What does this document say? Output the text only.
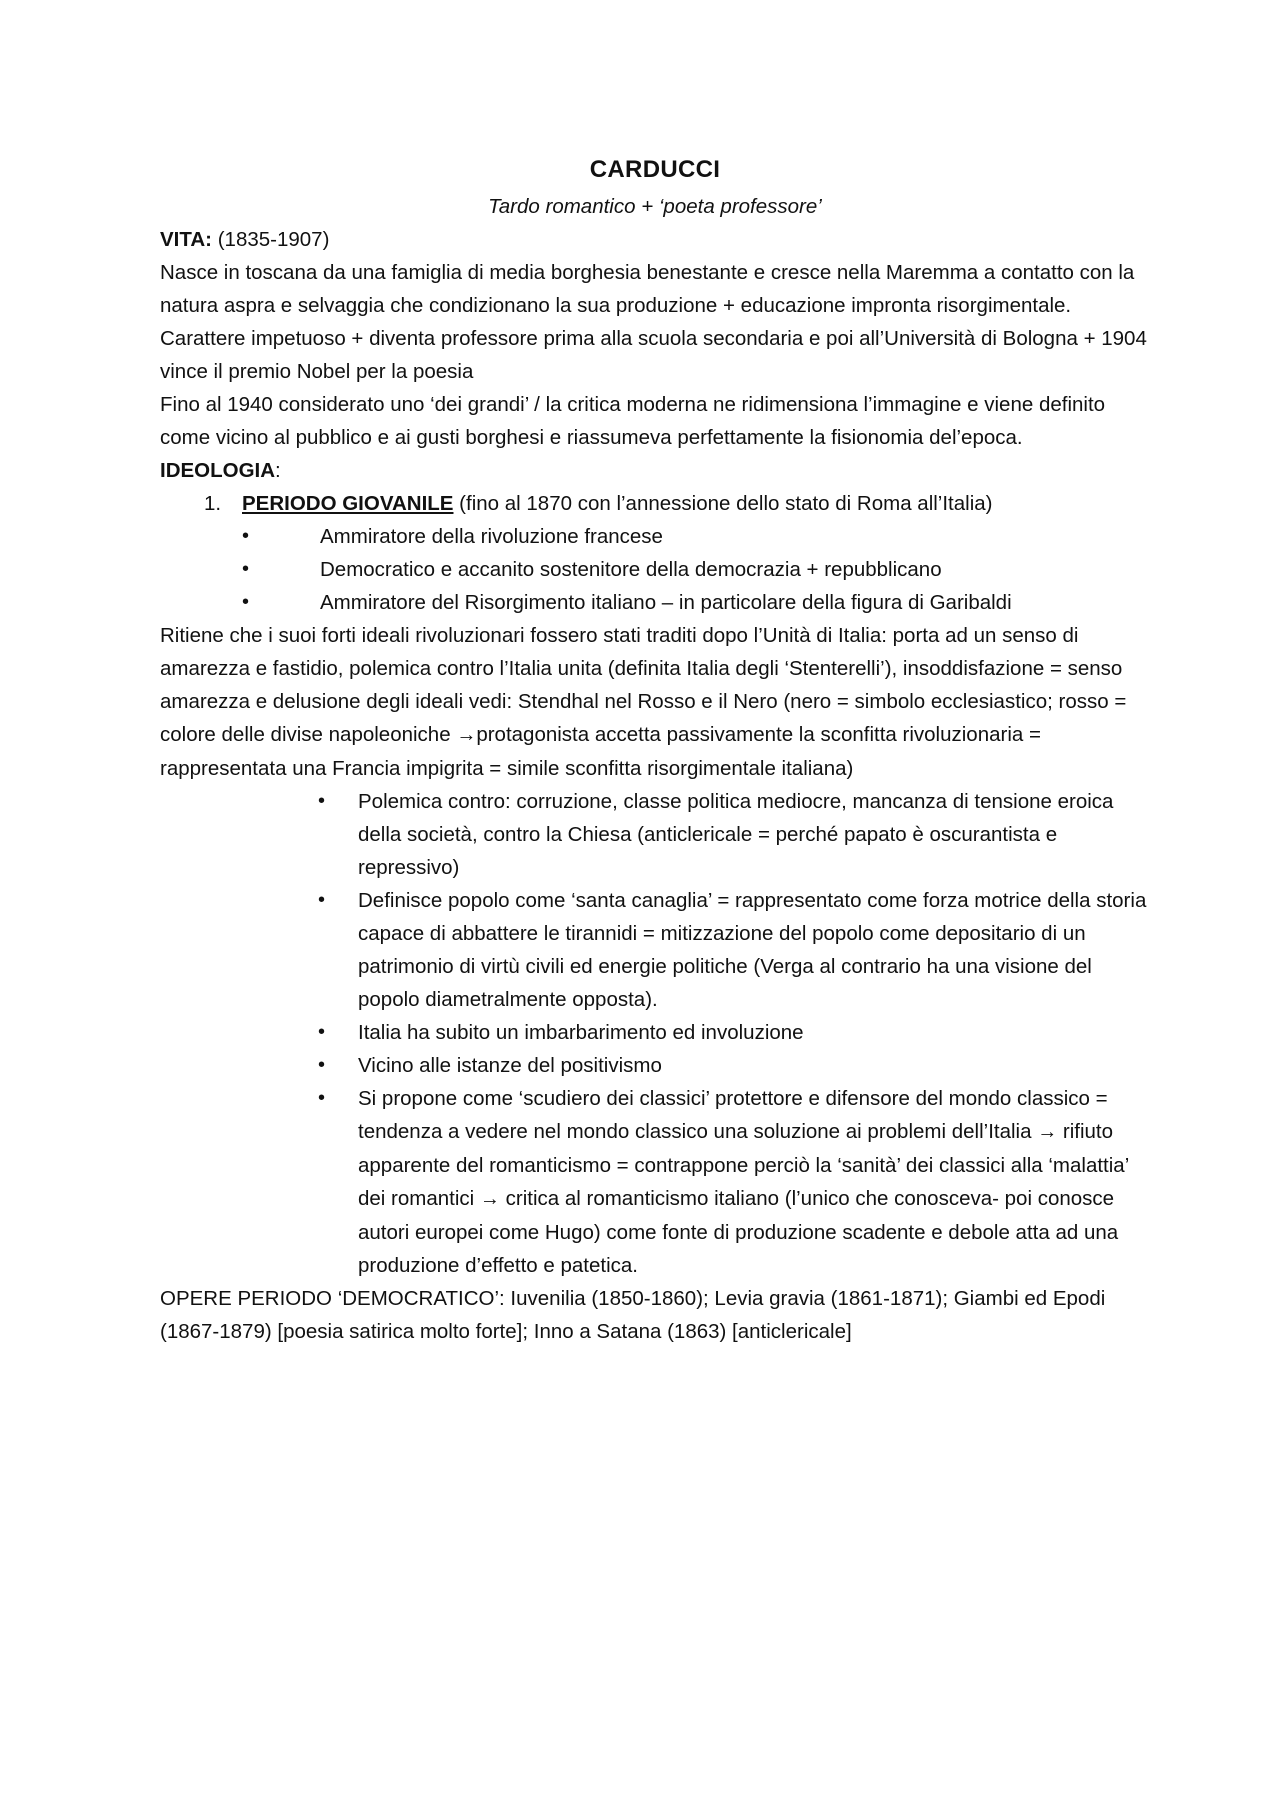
CARDUCCI

Tardo romantico + ‘poeta professore’

VITA: (1835-1907)

Nasce in toscana da una famiglia di media borghesia benestante e cresce nella Maremma a contatto con la natura aspra e selvaggia che condizionano la sua produzione + educazione impronta risorgimentale.

Carattere impetuoso + diventa professore prima alla scuola secondaria e poi all’Università di Bologna + 1904 vince il premio Nobel per la poesia

Fino al 1940 considerato uno ‘dei grandi’ / la critica moderna ne ridimensiona l’immagine e viene definito come vicino al pubblico e ai gusti borghesi e riassumeva perfettamente la fisionomia del’epoca.

IDEOLOGIA:

1. PERIODO GIOVANILE (fino al 1870 con l’annessione dello stato di Roma all’Italia)
•	Ammiratore della rivoluzione francese
•	Democratico e accanito sostenitore della democrazia + repubblicano
•	Ammiratore del Risorgimento italiano – in particolare della figura di Garibaldi

Ritiene che i suoi forti ideali rivoluzionari fossero stati traditi dopo l’Unità di Italia: porta ad un senso di amarezza e fastidio, polemica contro l’Italia unita (definita Italia degli ‘Stenterelli’), insoddisfazione = senso amarezza e delusione degli ideali vedi: Stendhal nel Rosso e il Nero (nero = simbolo ecclesiastico; rosso = colore delle divise napoleoniche →protagonista accetta passivamente la sconfitta rivoluzionaria = rappresentata una Francia impigrita = simile sconfitta risorgimentale italiana)

• Polemica contro: corruzione, classe politica mediocre, mancanza di tensione eroica della società, contro la Chiesa (anticlericale = perché papato è oscurantista e repressivo)
• Definisce popolo come ‘santa canaglia’ = rappresentato come forza motrice della storia capace di abbattere le tirannidi = mitizzazione del popolo come depositario di un patrimonio di virtù civili ed energie politiche (Verga al contrario ha una visione del popolo diametralmente opposta).
• Italia ha subito un imbarbarimento ed involuzione
• Vicino alle istanze del positivismo
• Si propone come ‘scudiero dei classici’ protettore e difensore del mondo classico = tendenza a vedere nel mondo classico una soluzione ai problemi dell’Italia → rifiuto apparente del romanticismo = contrappone perciò la ‘sanità’ dei classici alla ‘malattia’ dei romantici → critica al romanticismo italiano (l’unico che conosceva- poi conosce autori europei come Hugo) come fonte di produzione scadente e debole atta ad una produzione d’effetto e patetica.

OPERE PERIODO ‘DEMOCRATICO’: Iuvenilia (1850-1860); Levia gravia (1861-1871); Giambi ed Epodi (1867-1879) [poesia satirica molto forte]; Inno a Satana (1863) [anticlericale]
